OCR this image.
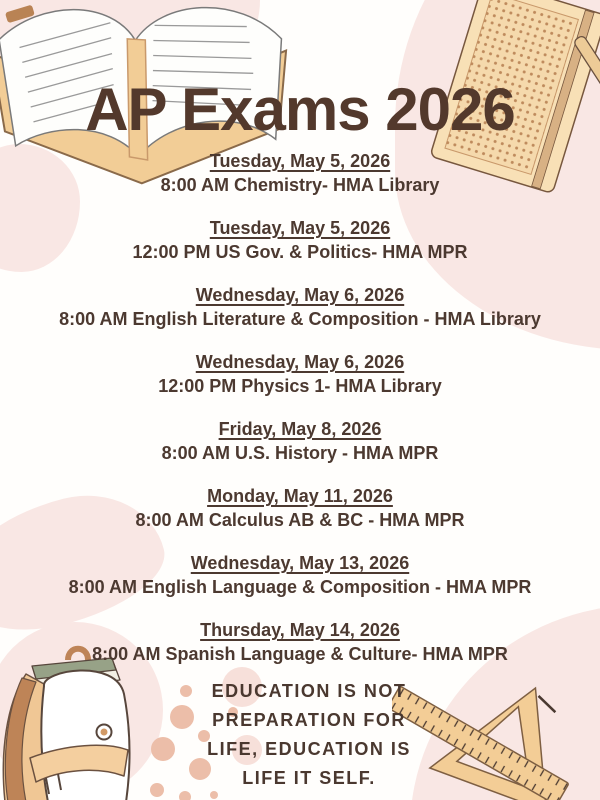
AP Exams 2026
Tuesday, May 5, 2026
8:00 AM Chemistry- HMA Library
Tuesday, May 5, 2026
12:00 PM US Gov. & Politics- HMA MPR
Wednesday, May 6, 2026
8:00 AM English Literature & Composition - HMA Library
Wednesday, May 6, 2026
12:00 PM Physics 1- HMA Library
Friday, May 8, 2026
8:00 AM U.S. History - HMA MPR
Monday, May 11, 2026
8:00 AM Calculus AB & BC - HMA MPR
Wednesday, May 13, 2026
8:00 AM English Language & Composition - HMA MPR
Thursday, May 14, 2026
8:00 AM Spanish Language & Culture- HMA MPR
EDUCATION IS NOT
PREPARATION FOR
LIFE, EDUCATION IS
LIFE IT SELF.
